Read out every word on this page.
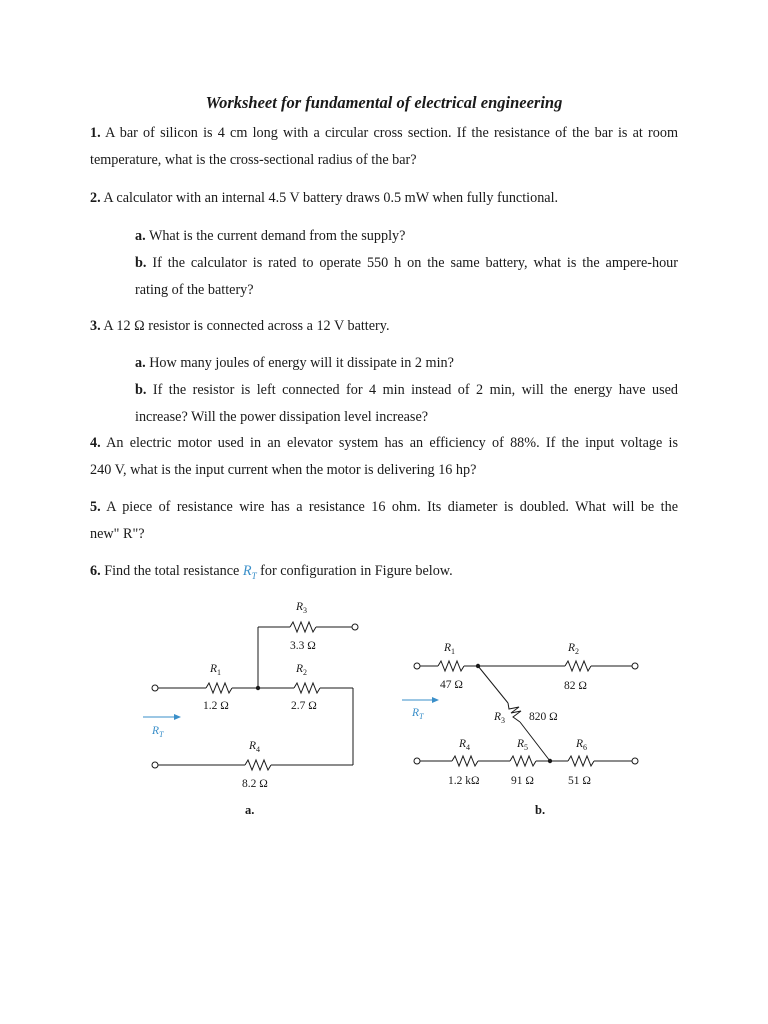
Worksheet for fundamental of electrical engineering
1. A bar of silicon is 4 cm long with a circular cross section. If the resistance of the bar is at room
temperature, what is the cross-sectional radius of the bar?
2. A calculator with an internal 4.5 V battery draws 0.5 mW when fully functional.
a. What is the current demand from the supply?
b. If the calculator is rated to operate 550 h on the same battery, what is the ampere-hour
rating of the battery?
3. A 12 Ω resistor is connected across a 12 V battery.
a. How many joules of energy will it dissipate in 2 min?
b. If the resistor is left connected for 4 min instead of 2 min, will the energy have used
increase? Will the power dissipation level increase?
4. An electric motor used in an elevator system has an efficiency of 88%. If the input voltage is
240 V, what is the input current when the motor is delivering 16 hp?
5. A piece of resistance wire has a resistance 16 ohm. Its diameter is doubled. What will be the
new" R"?
6. Find the total resistance $R_T$ for configuration in Figure below.
$R_3$
3.3 Ω
$R_1$	$R_2$
1.2 Ω	2.7 Ω
$R_T$
$R_4$
8.2 Ω
a.
$R_1$	$R_2$
47 Ω	82 Ω
$R_T$	$R_3$ 820 Ω
$R_4$	$R_5$	$R_6$
1.2 kΩ	91 Ω	51 Ω
b.
